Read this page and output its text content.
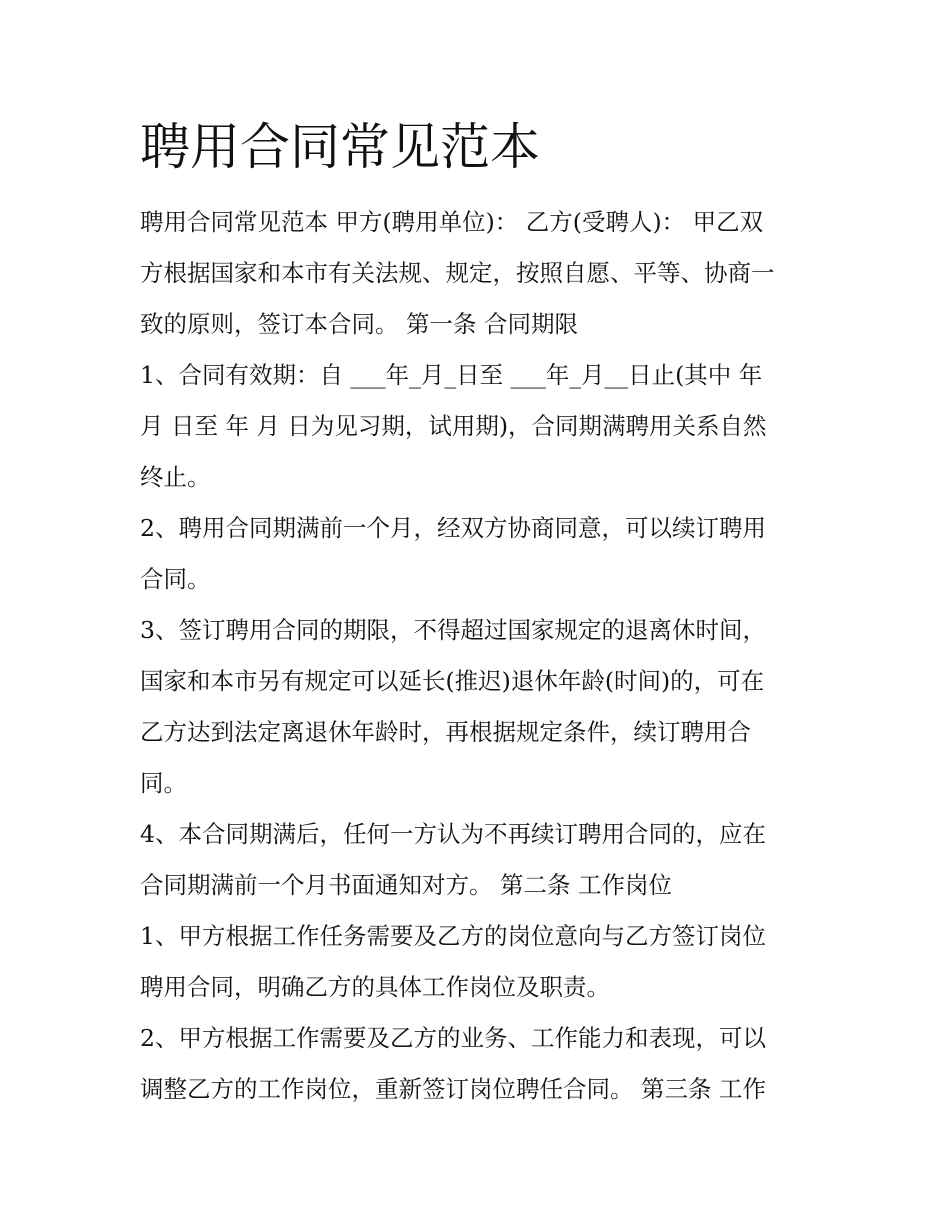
聘用合同常见范本
聘用合同常见范本 甲方(聘用单位)： 乙方(受聘人)： 甲乙双
方根据国家和本市有关法规、规定，按照自愿、平等、协商一
致的原则，签订本合同。 第一条 合同期限
1、合同有效期：自 ___年_月_日至 ___年_月__日止(其中 年
月 日至 年 月 日为见习期，试用期)，合同期满聘用关系自然
终止。
2、聘用合同期满前一个月，经双方协商同意，可以续订聘用
合同。
3、签订聘用合同的期限，不得超过国家规定的退离休时间，
国家和本市另有规定可以延长(推迟)退休年龄(时间)的，可在
乙方达到法定离退休年龄时，再根据规定条件，续订聘用合
同。
4、本合同期满后，任何一方认为不再续订聘用合同的，应在
合同期满前一个月书面通知对方。 第二条 工作岗位
1、甲方根据工作任务需要及乙方的岗位意向与乙方签订岗位
聘用合同，明确乙方的具体工作岗位及职责。
2、甲方根据工作需要及乙方的业务、工作能力和表现，可以
调整乙方的工作岗位，重新签订岗位聘任合同。 第三条 工作
